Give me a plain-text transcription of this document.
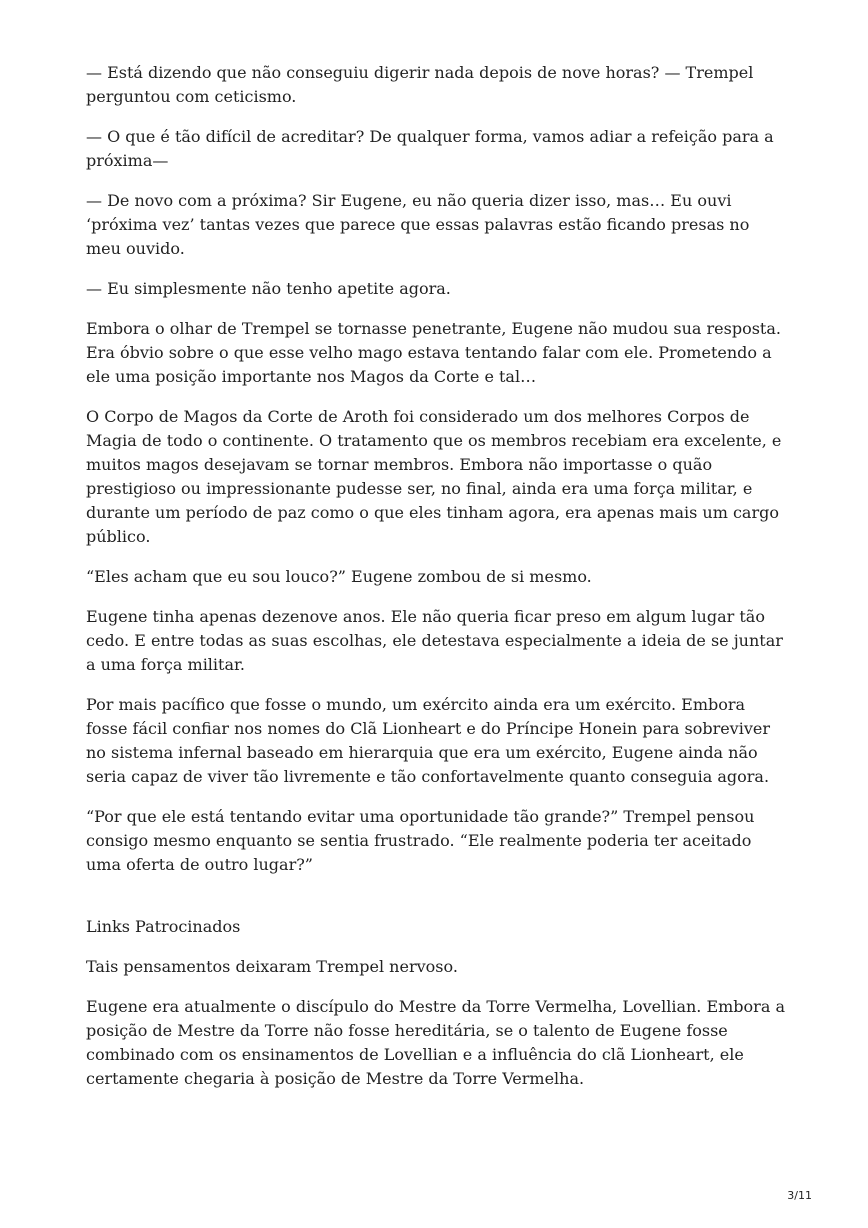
— Está dizendo que não conseguiu digerir nada depois de nove horas? — Trempel perguntou com ceticismo.

— O que é tão difícil de acreditar? De qualquer forma, vamos adiar a refeição para a próxima—

— De novo com a próxima? Sir Eugene, eu não queria dizer isso, mas… Eu ouvi ‘próxima vez’ tantas vezes que parece que essas palavras estão ficando presas no meu ouvido.

— Eu simplesmente não tenho apetite agora.

Embora o olhar de Trempel se tornasse penetrante, Eugene não mudou sua resposta. Era óbvio sobre o que esse velho mago estava tentando falar com ele. Prometendo a ele uma posição importante nos Magos da Corte e tal…

O Corpo de Magos da Corte de Aroth foi considerado um dos melhores Corpos de Magia de todo o continente. O tratamento que os membros recebiam era excelente, e muitos magos desejavam se tornar membros. Embora não importasse o quão prestigioso ou impressionante pudesse ser, no final, ainda era uma força militar, e durante um período de paz como o que eles tinham agora, era apenas mais um cargo público.

“Eles acham que eu sou louco?” Eugene zombou de si mesmo.

Eugene tinha apenas dezenove anos. Ele não queria ficar preso em algum lugar tão cedo. E entre todas as suas escolhas, ele detestava especialmente a ideia de se juntar a uma força militar.

Por mais pacífico que fosse o mundo, um exército ainda era um exército. Embora fosse fácil confiar nos nomes do Clã Lionheart e do Príncipe Honein para sobreviver no sistema infernal baseado em hierarquia que era um exército, Eugene ainda não seria capaz de viver tão livremente e tão confortavelmente quanto conseguia agora.

“Por que ele está tentando evitar uma oportunidade tão grande?” Trempel pensou consigo mesmo enquanto se sentia frustrado. “Ele realmente poderia ter aceitado uma oferta de outro lugar?”

Links Patrocinados

Tais pensamentos deixaram Trempel nervoso.

Eugene era atualmente o discípulo do Mestre da Torre Vermelha, Lovellian. Embora a posição de Mestre da Torre não fosse hereditária, se o talento de Eugene fosse combinado com os ensinamentos de Lovellian e a influência do clã Lionheart, ele certamente chegaria à posição de Mestre da Torre Vermelha.

3/11
